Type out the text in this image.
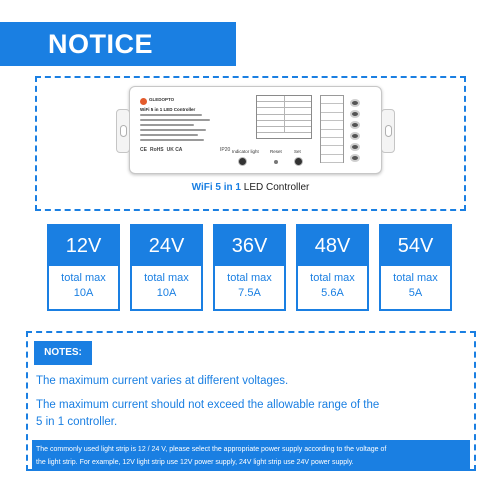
NOTICE
GLEDOPTO
WiFi 5 in 1 LED Controller
CE RoHS UK CA	IP20 Indicator light Reset	Set
WiFi 5 in 1 LED Controller
12V
total max
10A
24V
total max
10A
36V
total max
7.5A
48V
total max
5.6A
54V
total max
5A
NOTES:
The maximum current varies at different voltages.
The maximum current should not exceed the allowable range of the
5 in 1 controller.
The commonly used light strip is 12 / 24 V, please select the appropriate power supply according to the voltage of
the light strip. For example, 12V light strip use 12V power supply, 24V light strip use 24V power supply.
